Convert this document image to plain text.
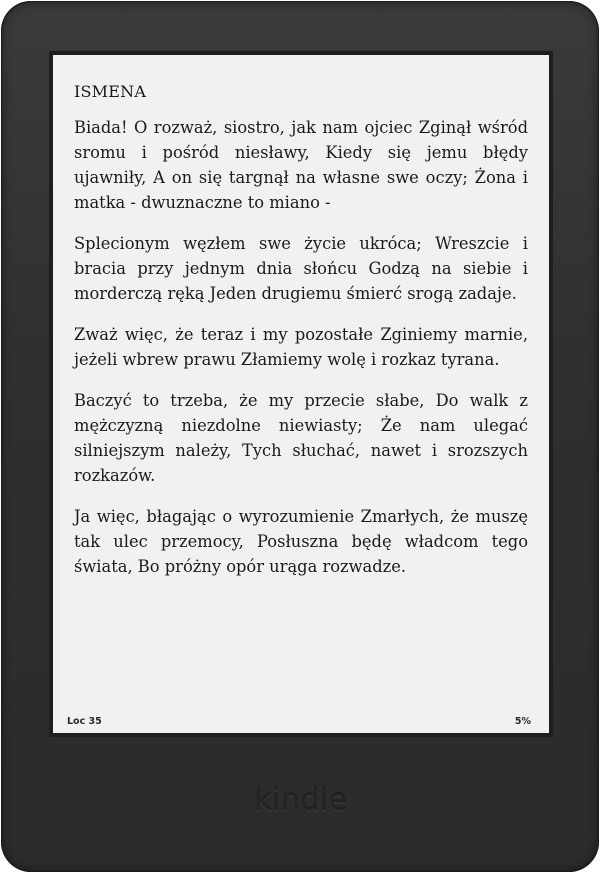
ISMENA

Biada! O rozważ, siostro, jak nam ojciec Zginął wśród sromu i pośród niesławy, Kiedy się jemu błędy ujawniły, A on się targnął na własne swe oczy; Żona i matka - dwuznaczne to miano -

Splecionym węzłem swe życie ukróca; Wreszcie i bracia przy jednym dnia słońcu Godzą na siebie i morderczą ręką Jeden drugiemu śmierć srogą zadaje.

Zważ więc, że teraz i my pozostałe Zginiemy marnie, jeżeli wbrew prawu Złamiemy wolę i rozkaz tyrana.

Baczyć to trzeba, że my przecie słabe, Do walk z mężczyzną niezdolne niewiasty; Że nam ulegać silniejszym należy, Tych słuchać, nawet i srozszych rozkazów.

Ja więc, błagając o wyrozumienie Zmarłych, że muszę tak ulec przemocy, Posłuszna będę władcom tego świata, Bo próżny opór urąga rozwadze.

Loc 35	5%
kindle
